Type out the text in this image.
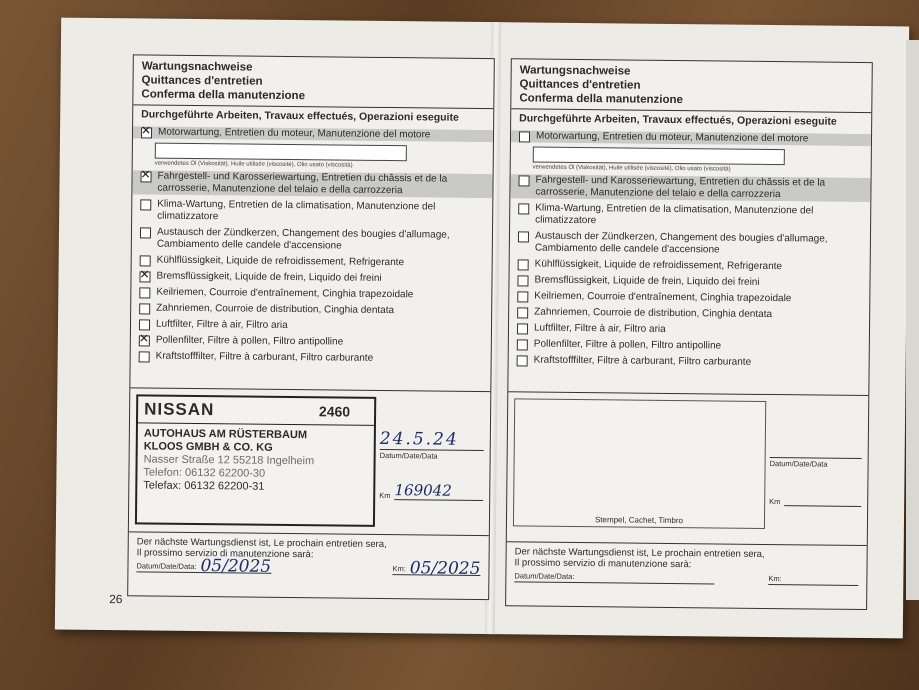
26
Wartungsnachweise
Quittances d'entretien
Conferma della manutenzione
Durchgeführte Arbeiten, Travaux effectués, Operazioni eseguite
✕
Motorwartung, Entretien du moteur, Manutenzione del motore
verwendetes Öl (Viskosität), Huile utilisée (viscosité), Olio usato (viscosità)
✕
Fahrgestell- und Karosseriewartung, Entretien du châssis et de la carrosserie, Manutenzione del telaio e della carrozzeria
Klima-Wartung, Entretien de la climatisation, Manutenzione del climatizzatore
Austausch der Zündkerzen, Changement des bougies d'allumage, Cambiamento delle candele d'accensione
Kühlflüssigkeit, Liquide de refroidissement, Refrigerante
✕
Bremsflüssigkeit, Liquide de frein, Liquido dei freini
Keilriemen, Courroie d'entraînement, Cinghia trapezoidale
Zahnriemen, Courroie de distribution, Cinghia dentata
Luftfilter, Filtre à air, Filtro aria
✕
Pollenfilter, Filtre à pollen, Filtro antipolline
Kraftstofffilter, Filtre à carburant, Filtro carburante
NISSAN	2460
AUTOHAUS AM RÜSTERBAUM
KLOOS GMBH & CO. KG
Nasser Straße 12 55218 Ingelheim
Telefon: 06132 62200-30
Telefax: 06132 62200-31
24.5.24
Datum/Date/Data
Km 169042
Der nächste Wartungsdienst ist, Le prochain entretien sera,
Il prossimo servizio di manutenzione sarà:
Datum/Date/Data: 05/2025	Km: 05/2025
Wartungsnachweise
Quittances d'entretien
Conferma della manutenzione
Durchgeführte Arbeiten, Travaux effectués, Operazioni eseguite
Motorwartung, Entretien du moteur, Manutenzione del motore
verwendetes Öl (Viskosität), Huile utilisée (viscosité), Olio usato (viscosità)
Fahrgestell- und Karosseriewartung, Entretien du châssis et de la carrosserie, Manutenzione del telaio e della carrozzeria
Klima-Wartung, Entretien de la climatisation, Manutenzione del climatizzatore
Austausch der Zündkerzen, Changement des bougies d'allumage, Cambiamento delle candele d'accensione
Kühlflüssigkeit, Liquide de refroidissement, Refrigerante
Bremsflüssigkeit, Liquide de frein, Liquido dei freini
Keilriemen, Courroie d'entraînement, Cinghia trapezoidale
Zahnriemen, Courroie de distribution, Cinghia dentata
Luftfilter, Filtre à air, Filtro aria
Pollenfilter, Filtre à pollen, Filtro antipolline
Kraftstofffilter, Filtre à carburant, Filtro carburante
Stempel, Cachet, Timbro
Datum/Date/Data
Km
Der nächste Wartungsdienst ist, Le prochain entretien sera,
Il prossimo servizio di manutenzione sarà:
Datum/Date/Data:	Km:
